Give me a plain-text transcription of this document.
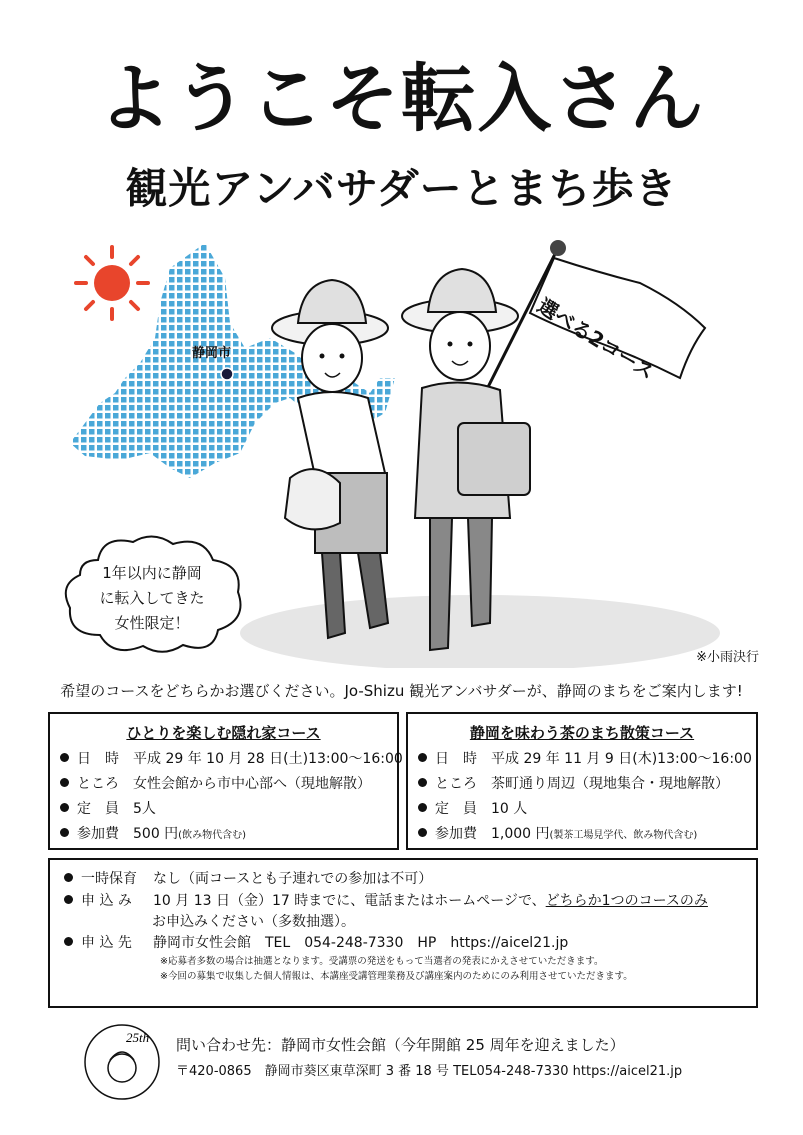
ようこそ転入さん
観光アンバサダーとまち歩き
1年以内に静岡
に転入してきた
女性限定！
選べる2コース
静岡市
※小雨決行
希望のコースをどちらかお選びください。Jo-Shizu 観光アンバサダーが、静岡のまちをご案内します!
ひとりを楽しむ隠れ家コース
日　時　 平成 29 年 10 月 28 日(土)13:00～16:00
ところ　 女性会館から市中心部へ（現地解散）
定　員　 5人
参加費　 500 円(飲み物代含む)
静岡を味わう茶のまち散策コース
日　時　 平成 29 年 11 月 9 日(木)13:00～16:00
ところ　 茶町通り周辺（現地集合・現地解散）
定　員　 10 人
参加費　 1,000 円(製茶工場見学代、飲み物代含む)
一時保育 なし（両コースとも子連れでの参加は不可）
申 込 み 10 月 13 日（金）17 時までに、電話またはホームページで、どちらか1つのコースのみ
お申込みください（多数抽選）。
申 込 先 静岡市女性会館　TEL　054-248-7330　HP　https://aicel21.jp
※応募者多数の場合は抽選となります。受講票の発送をもって当選者の発表にかえさせていただきます。
※今回の募集で収集した個人情報は、本講座受講管理業務及び講座案内のためにのみ利用させていただきます。
25th 問い合わせ先：静岡市女性会館（今年開館 25 周年を迎えました）
〒420-0865　静岡市葵区東草深町 3 番 18 号 TEL054-248-7330 https://aicel21.jp
